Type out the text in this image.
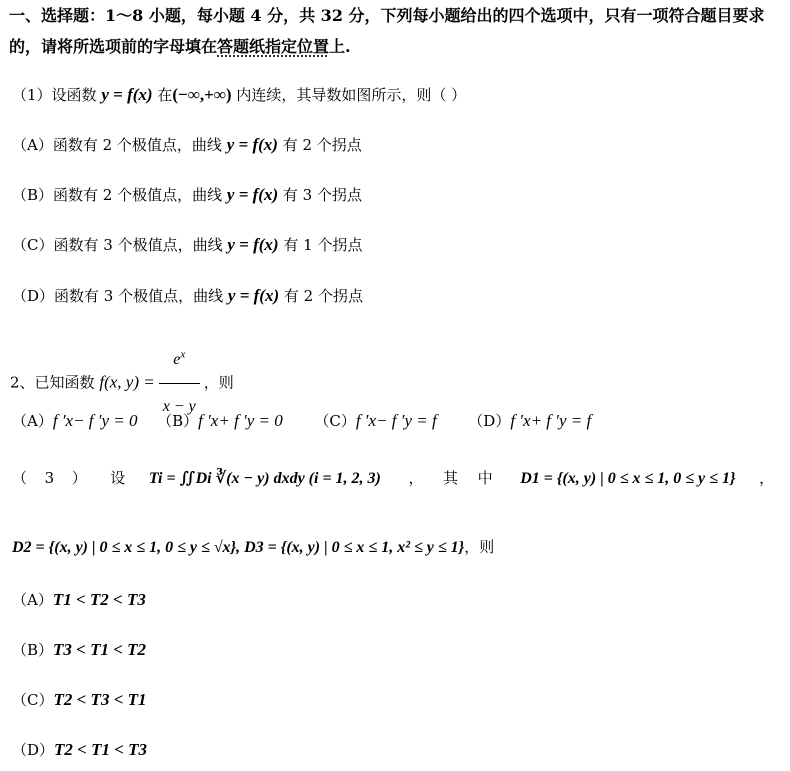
一、选择题：1～8 小题，每小题 4 分，共 32 分，下列每小题给出的四个选项中，只有一项符合题目要求
的，请将所选项前的字母填在答题纸指定位置上.
（1）设函数 y = f(x) 在(−∞,+∞) 内连续，其导数如图所示，则（ ）
（A）函数有 2 个极值点，曲线 y = f(x) 有 2 个拐点
（B）函数有 2 个极值点，曲线 y = f(x) 有 3 个拐点
（C）函数有 3 个极值点，曲线 y = f(x) 有 1 个拐点
（D）函数有 3 个极值点，曲线 y = f(x) 有 2 个拐点
2、已知函数 f(x, $y) = \frac{e^x}{x - y}$ ，则
（A）f ′x− f ′y = 0 （B）f ′x+ f ′y = 0 （C）f ′x− f ′y = f （D）f ′x+ f ′y = f
（ 3 ） 设 Ti = ∬Di ∛(x − y) dxdy (i = 1, 2, 3) ， 其 中 D1 = {(x, y) | 0 ≤ x ≤ 1, 0 ≤ y ≤ 1} ，
D2 = {(x, y) | 0 ≤ x ≤ 1, 0 ≤ y ≤ √x}, D3 = {(x, y) | 0 ≤ x ≤ 1, x² ≤ y ≤ 1}，则
（A）T1 < T2 < T3
（B）T3 < T1 < T2
（C）T2 < T3 < T1
（D）T2 < T1 < T3
